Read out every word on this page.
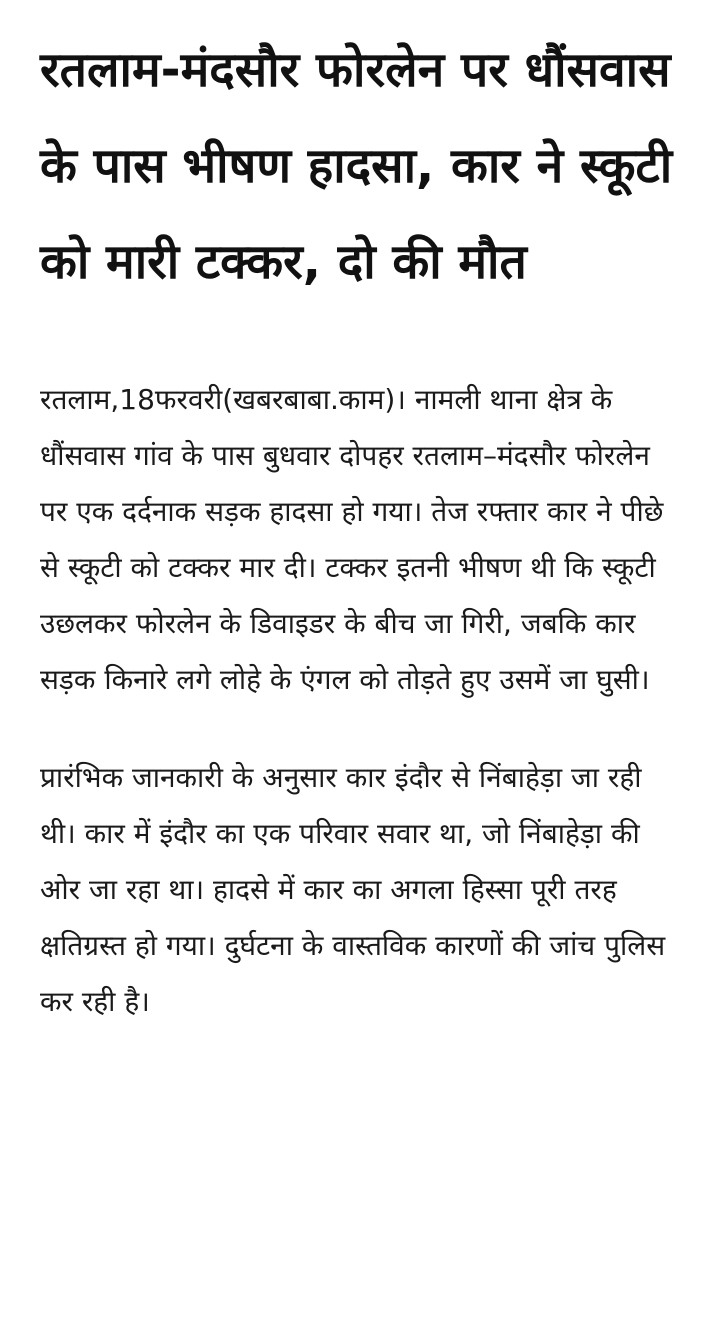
रतलाम-मंदसौर फोरलेन पर धौंसवास के पास भीषण हादसा, कार ने स्कूटी को मारी टक्कर, दो की मौत

रतलाम,18फरवरी(खबरबाबा.काम)। नामली थाना क्षेत्र के धौंसवास गांव के पास बुधवार दोपहर रतलाम–मंदसौर फोरलेन पर एक दर्दनाक सड़क हादसा हो गया। तेज रफ्तार कार ने पीछे से स्कूटी को टक्कर मार दी। टक्कर इतनी भीषण थी कि स्कूटी उछलकर फोरलेन के डिवाइडर के बीच जा गिरी, जबकि कार सड़क किनारे लगे लोहे के एंगल को तोड़ते हुए उसमें जा घुसी।

प्रारंभिक जानकारी के अनुसार कार इंदौर से निंबाहेड़ा जा रही थी। कार में इंदौर का एक परिवार सवार था, जो निंबाहेड़ा की ओर जा रहा था। हादसे में कार का अगला हिस्सा पूरी तरह क्षतिग्रस्त हो गया। दुर्घटना के वास्तविक कारणों की जांच पुलिस कर रही है।
